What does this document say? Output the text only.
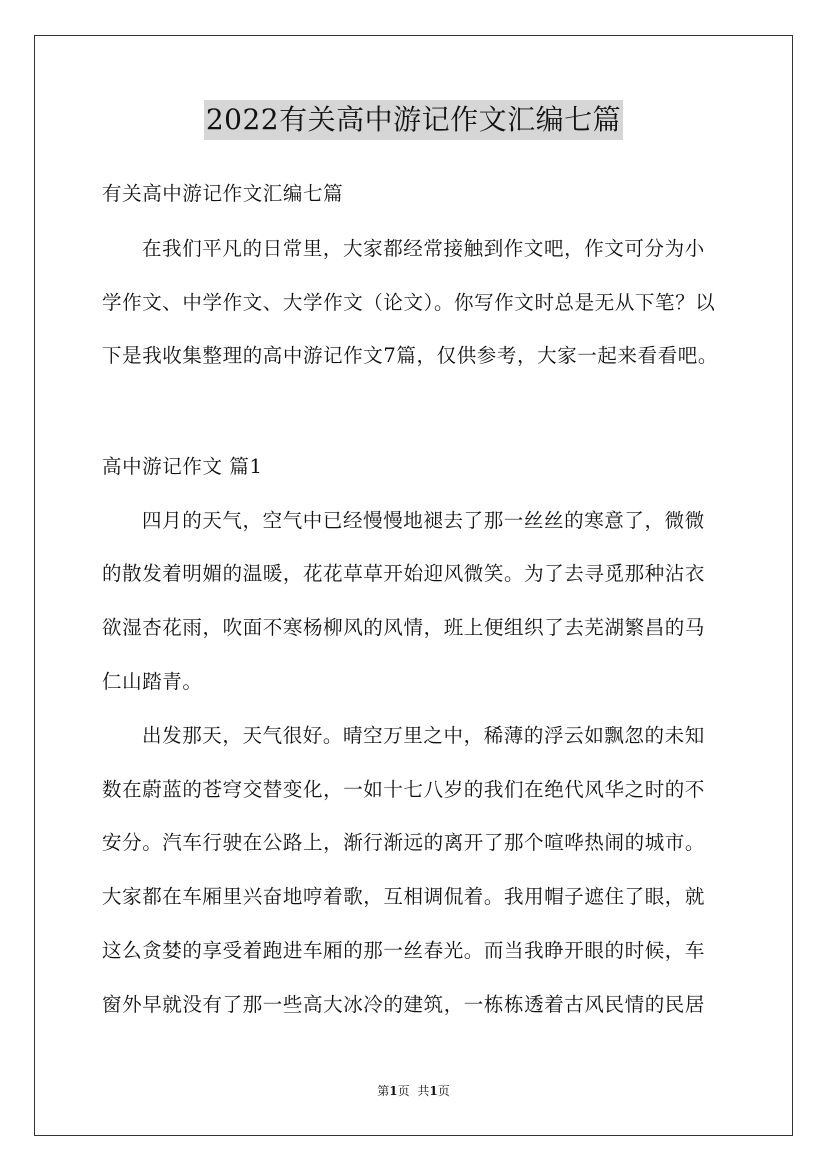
2022有关高中游记作文汇编七篇
有关高中游记作文汇编七篇
在我们平凡的日常里，大家都经常接触到作文吧，作文可分为小
学作文、中学作文、大学作文（论文）。你写作文时总是无从下笔？以
下是我收集整理的高中游记作文7篇，仅供参考，大家一起来看看吧。
高中游记作文 篇1
四月的天气，空气中已经慢慢地褪去了那一丝丝的寒意了，微微
的散发着明媚的温暖，花花草草开始迎风微笑。为了去寻觅那种沾衣
欲湿杏花雨，吹面不寒杨柳风的风情，班上便组织了去芜湖繁昌的马
仁山踏青。
出发那天，天气很好。晴空万里之中，稀薄的浮云如飘忽的未知
数在蔚蓝的苍穹交替变化，一如十七八岁的我们在绝代风华之时的不
安分。汽车行驶在公路上，渐行渐远的离开了那个喧哗热闹的城市。
大家都在车厢里兴奋地哼着歌，互相调侃着。我用帽子遮住了眼，就
这么贪婪的享受着跑进车厢的那一丝春光。而当我睁开眼的时候，车
窗外早就没有了那一些高大冰冷的建筑，一栋栋透着古风民情的民居
第1页 共1页
